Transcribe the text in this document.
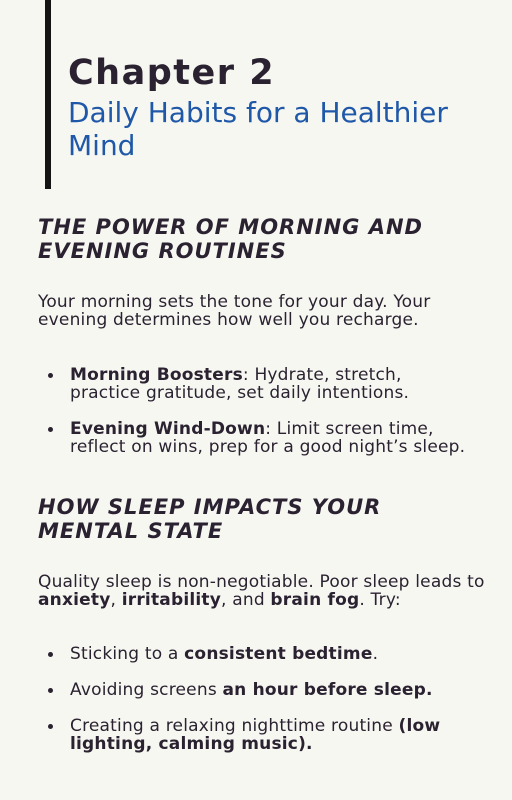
Chapter 2
Daily Habits for a Healthier Mind
THE POWER OF MORNING AND EVENING ROUTINES

Your morning sets the tone for your day. Your evening determines how well you recharge.

Morning Boosters: Hydrate, stretch, practice gratitude, set daily intentions.
Evening Wind-Down: Limit screen time, reflect on wins, prep for a good night’s sleep.
HOW SLEEP IMPACTS YOUR MENTAL STATE

Quality sleep is non-negotiable. Poor sleep leads to anxiety, irritability, and brain fog. Try:

Sticking to a consistent bedtime.
Avoiding screens an hour before sleep.
Creating a relaxing nighttime routine (low lighting, calming music).
